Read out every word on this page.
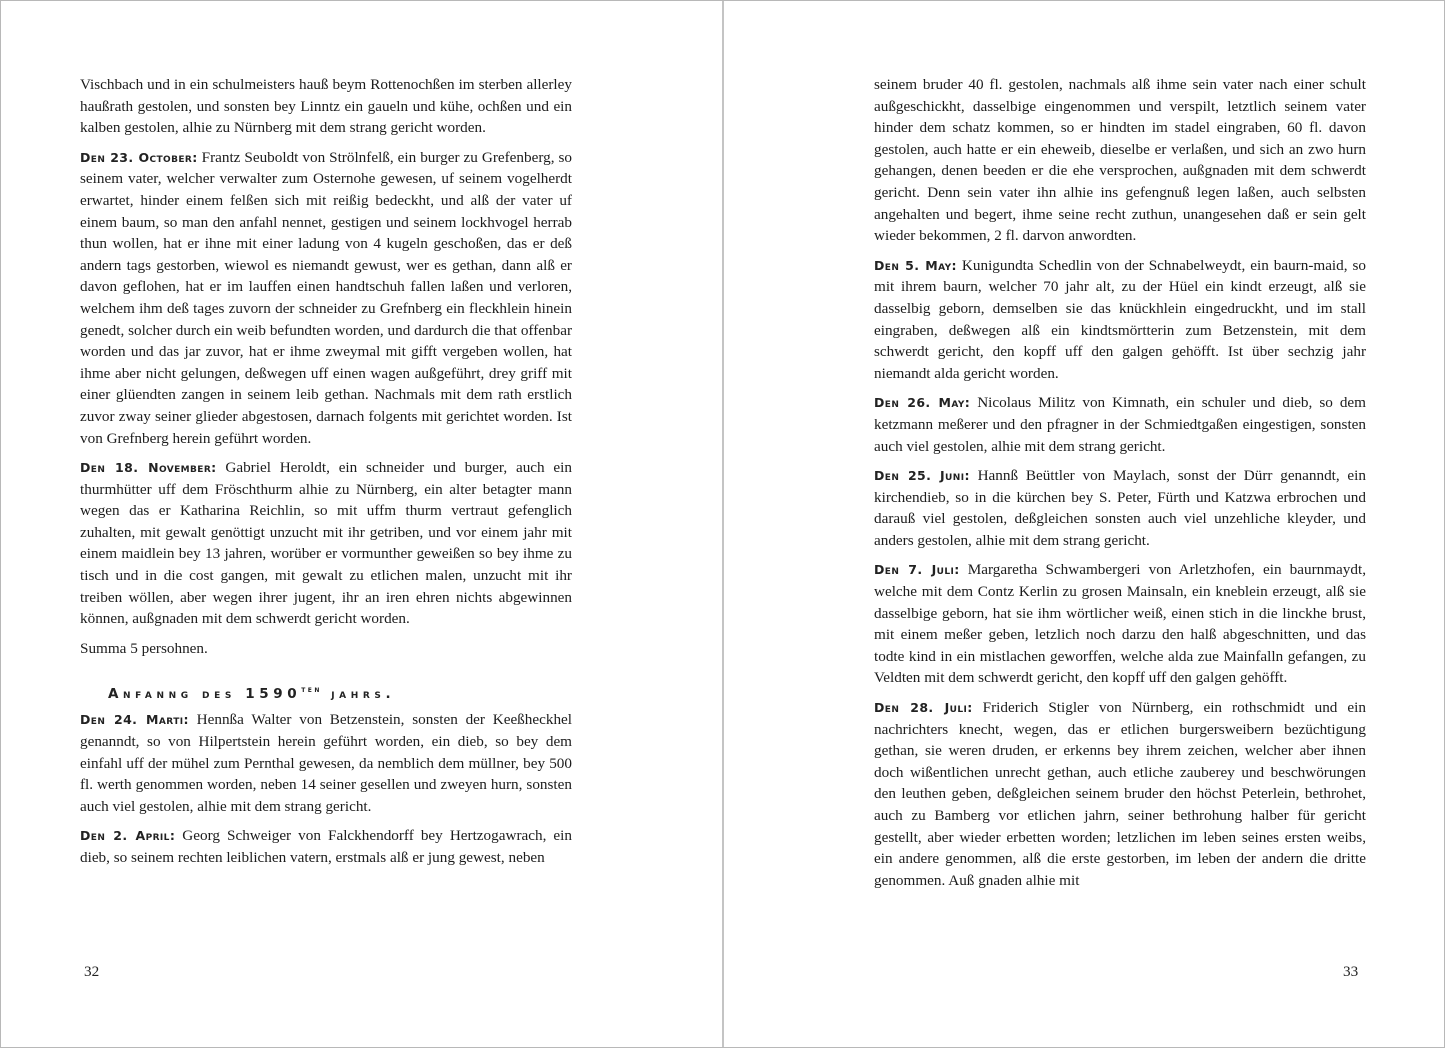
Vischbach und in ein schulmeisters hauß beym Rottenochßen im sterben allerley haußrath gestolen, und sonsten bey Linntz ein gaueln und kühe, ochßen und ein kalben gestolen, alhie zu Nürnberg mit dem strang gericht worden.

Den 23. October: Frantz Seuboldt von Strölnfelß, ein burger zu Grefenberg, so seinem vater, welcher verwalter zum Osternohe gewesen, uf seinem vogelherdt erwartet, hinder einem felßen sich mit reißig bedeckht, und alß der vater uf einem baum, so man den anfahl nennet, gestigen und seinem lockhvogel herrab thun wollen, hat er ihne mit einer ladung von 4 kugeln geschoßen, das er deß andern tags gestorben, wiewol es niemandt gewust, wer es gethan, dann alß er davon geflohen, hat er im lauffen einen handtschuh fallen laßen und verloren, welchem ihm deß tages zuvorn der schneider zu Grefnberg ein fleckhlein hinein genedt, solcher durch ein weib befundten worden, und dardurch die that offenbar worden und das jar zuvor, hat er ihme zweymal mit gifft vergeben wollen, hat ihme aber nicht gelungen, deßwegen uff einen wagen außgeführt, drey griff mit einer glüendten zangen in seinem leib gethan. Nachmals mit dem rath erstlich zuvor zway seiner glieder abgestosen, darnach folgents mit gerichtet worden. Ist von Grefnberg herein geführt worden.

Den 18. November: Gabriel Heroldt, ein schneider und burger, auch ein thurmhütter uff dem Fröschthurm alhie zu Nürnberg, ein alter betagter mann wegen das er Katharina Reichlin, so mit uffm thurm vertraut gefenglich zuhalten, mit gewalt genöttigt unzucht mit ihr getriben, und vor einem jahr mit einem maidlein bey 13 jahren, worüber er vormunther geweißen so bey ihme zu tisch und in die cost gangen, mit gewalt zu etlichen malen, unzucht mit ihr treiben wöllen, aber wegen ihrer jugent, ihr an iren ehren nichts abgewinnen können, außgnaden mit dem schwerdt gericht worden.

Summa 5 persohnen.

Anfanng des $1590^{ten}$ jahrs.

Den 24. Marti: Hennßa Walter von Betzenstein, sonsten der Keeßheckhel genanndt, so von Hilpertstein herein geführt worden, ein dieb, so bey dem einfahl uff der mühel zum Pernthal gewesen, da nemblich dem müllner, bey 500 fl. werth genommen worden, neben 14 seiner gesellen und zweyen hurn, sonsten auch viel gestolen, alhie mit dem strang gericht.

Den 2. April: Georg Schweiger von Falckhendorff bey Hertzogawrach, ein dieb, so seinem rechten leiblichen vatern, erstmals alß er jung gewest, neben

seinem bruder 40 fl. gestolen, nachmals alß ihme sein vater nach einer schult außgeschickht, dasselbige eingenommen und verspilt, letztlich seinem vater hinder dem schatz kommen, so er hindten im stadel eingraben, 60 fl. davon gestolen, auch hatte er ein eheweib, dieselbe er verlaßen, und sich an zwo hurn gehangen, denen beeden er die ehe versprochen, außgnaden mit dem schwerdt gericht. Denn sein vater ihn alhie ins gefengnuß legen laßen, auch selbsten angehalten und begert, ihme seine recht zuthun, unangesehen daß er sein gelt wieder bekommen, 2 fl. darvon anwordten.

Den 5. May: Kunigundta Schedlin von der Schnabelweydt, ein baurn-maid, so mit ihrem baurn, welcher 70 jahr alt, zu der Hüel ein kindt erzeugt, alß sie dasselbig geborn, demselben sie das knückhlein eingedruckht, und im stall eingraben, deßwegen alß ein kindtsmörtterin zum Betzenstein, mit dem schwerdt gericht, den kopff uff den galgen gehöfft. Ist über sechzig jahr niemandt alda gericht worden.

Den 26. May: Nicolaus Militz von Kimnath, ein schuler und dieb, so dem ketzmann meßerer und den pfragner in der Schmiedtgaßen eingestigen, sonsten auch viel gestolen, alhie mit dem strang gericht.

Den 25. Juni: Hannß Beüttler von Maylach, sonst der Dürr genanndt, ein kirchendieb, so in die kürchen bey S. Peter, Fürth und Katzwa erbrochen und darauß viel gestolen, deßgleichen sonsten auch viel unzehliche kleyder, und anders gestolen, alhie mit dem strang gericht.

Den 7. Juli: Margaretha Schwambergeri von Arletzhofen, ein baurnmaydt, welche mit dem Contz Kerlin zu grosen Mainsaln, ein kneblein erzeugt, alß sie dasselbige geborn, hat sie ihm wörtlicher weiß, einen stich in die linckhe brust, mit einem meßer geben, letzlich noch darzu den halß abgeschnitten, und das todte kind in ein mistlachen geworffen, welche alda zue Mainfalln gefangen, zu Veldten mit dem schwerdt gericht, den kopff uff den galgen gehöfft.

Den 28. Juli: Friderich Stigler von Nürnberg, ein rothschmidt und ein nachrichters knecht, wegen, das er etlichen burgersweibern bezüchtigung gethan, sie weren druden, er erkenns bey ihrem zeichen, welcher aber ihnen doch wißentlichen unrecht gethan, auch etliche zauberey und beschwörungen den leuthen geben, deßgleichen seinem bruder den höchst Peterlein, bethrohet, auch zu Bamberg vor etlichen jahrn, seiner bethrohung halber für gericht gestellt, aber wieder erbetten worden; letzlichen im leben seines ersten weibs, ein andere genommen, alß die erste gestorben, im leben der andern die dritte genommen. Auß gnaden alhie mit

32	33
